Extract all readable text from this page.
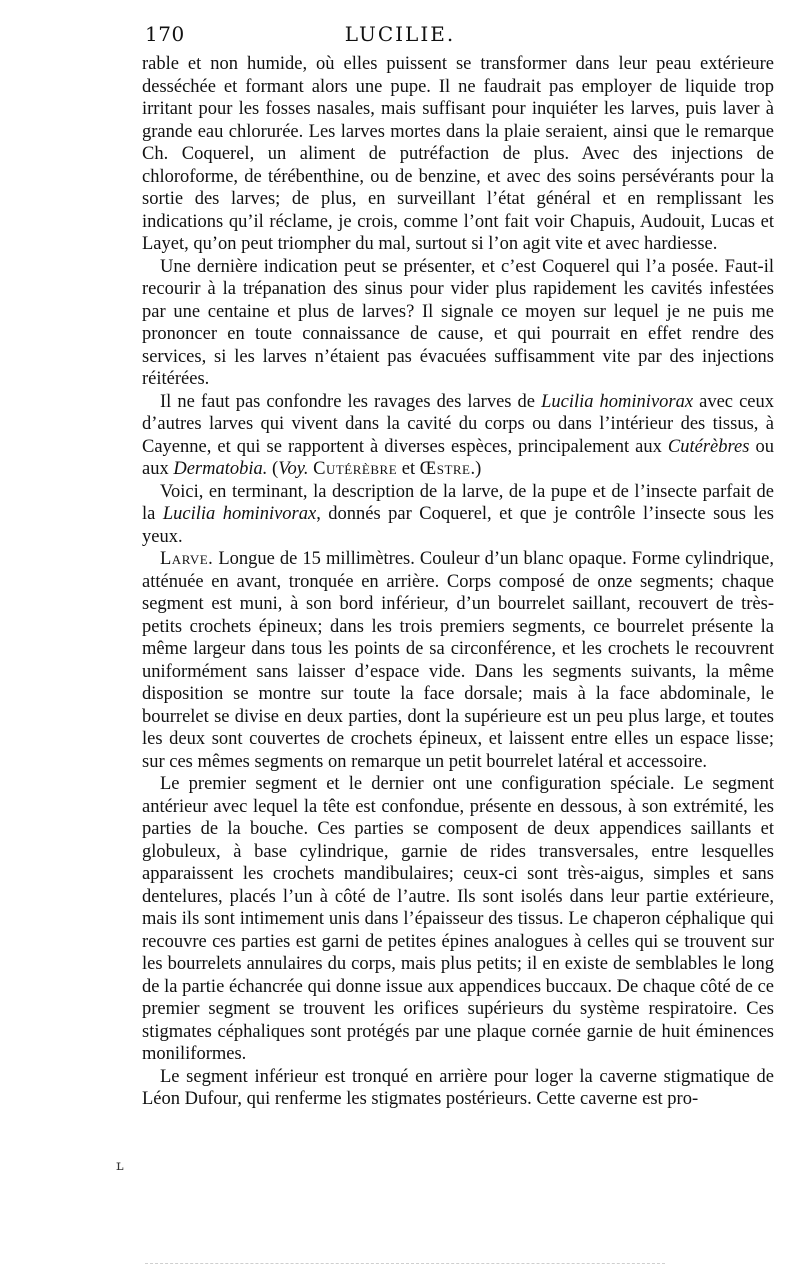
170	LUCILIE.

rable et non humide, où elles puissent se transformer dans leur peau extérieure desséchée et formant alors une pupe. Il ne faudrait pas employer de liquide trop irritant pour les fosses nasales, mais suffisant pour inquiéter les larves, puis laver à grande eau chlorurée. Les larves mortes dans la plaie seraient, ainsi que le remarque Ch. Coquerel, un aliment de putréfaction de plus. Avec des injections de chloroforme, de térébenthine, ou de benzine, et avec des soins persévérants pour la sortie des larves; de plus, en surveillant l’état général et en remplissant les indications qu’il réclame, je crois, comme l’ont fait voir Chapuis, Audouit, Lucas et Layet, qu’on peut triompher du mal, surtout si l’on agit vite et avec hardiesse.

Une dernière indication peut se présenter, et c’est Coquerel qui l’a posée. Faut-il recourir à la trépanation des sinus pour vider plus rapidement les cavités infestées par une centaine et plus de larves? Il signale ce moyen sur lequel je ne puis me prononcer en toute connaissance de cause, et qui pourrait en effet rendre des services, si les larves n’étaient pas évacuées suffisamment vite par des injections réitérées.

Il ne faut pas confondre les ravages des larves de Lucilia hominivorax avec ceux d’autres larves qui vivent dans la cavité du corps ou dans l’intérieur des tissus, à Cayenne, et qui se rapportent à diverses espèces, principalement aux Cutérèbres ou aux Dermatobia. (Voy. Cutérèbre et Œstre.)

Voici, en terminant, la description de la larve, de la pupe et de l’insecte parfait de la Lucilia hominivorax, donnés par Coquerel, et que je contrôle l’insecte sous les yeux.

Larve. Longue de 15 millimètres. Couleur d’un blanc opaque. Forme cylindrique, atténuée en avant, tronquée en arrière. Corps composé de onze segments; chaque segment est muni, à son bord inférieur, d’un bourrelet saillant, recouvert de très-petits crochets épineux; dans les trois premiers segments, ce bourrelet présente la même largeur dans tous les points de sa circonférence, et les crochets le recouvrent uniformément sans laisser d’espace vide. Dans les segments suivants, la même disposition se montre sur toute la face dorsale; mais à la face abdominale, le bourrelet se divise en deux parties, dont la supérieure est un peu plus large, et toutes les deux sont couvertes de crochets épineux, et laissent entre elles un espace lisse; sur ces mêmes segments on remarque un petit bourrelet latéral et accessoire.

Le premier segment et le dernier ont une configuration spéciale. Le segment antérieur avec lequel la tête est confondue, présente en dessous, à son extrémité, les parties de la bouche. Ces parties se composent de deux appendices saillants et globuleux, à base cylindrique, garnie de rides transversales, entre lesquelles apparaissent les crochets mandibulaires; ceux-ci sont très-aigus, simples et sans dentelures, placés l’un à côté de l’autre. Ils sont isolés dans leur partie extérieure, mais ils sont intimement unis dans l’épaisseur des tissus. Le chaperon céphalique qui recouvre ces parties est garni de petites épines analogues à celles qui se trouvent sur les bourrelets annulaires du corps, mais plus petits; il en existe de semblables le long de la partie échancrée qui donne issue aux appendices buccaux. De chaque côté de ce premier segment se trouvent les orifices supérieurs du système respiratoire. Ces stigmates céphaliques sont protégés par une plaque cornée garnie de huit éminences moniliformes.

Le segment inférieur est tronqué en arrière pour loger la caverne stigmatique de Léon Dufour, qui renferme les stigmates postérieurs. Cette caverne est pro-

ʟ
